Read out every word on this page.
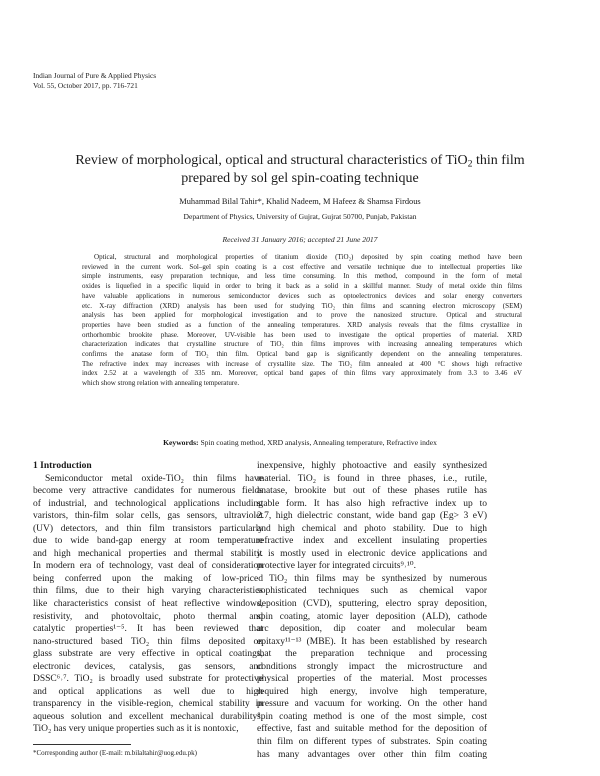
Indian Journal of Pure & Applied Physics
Vol. 55, October 2017, pp. 716-721
Review of morphological, optical and structural characteristics of TiO$_2$ thin film
prepared by sol gel spin-coating technique
Muhammad Bilal Tahir*, Khalid Nadeem, M Hafeez & Shamsa Firdous
Department of Physics, University of Gujrat, Gujrat 50700, Punjab, Pakistan
Received 31 January 2016; accepted 21 June 2017
Optical, structural and morphological properties of titanium dioxide (TiO₂) deposited by spin coating method have been
reviewed in the current work. Sol–gel spin coating is a cost effective and versatile technique due to intellectual properties like
simple instruments, easy preparation technique, and less time consuming. In this method, compound in the form of metal
oxides is liquefied in a specific liquid in order to bring it back as a solid in a skillful manner. Study of metal oxide thin films
have valuable applications in numerous semiconductor devices such as optoelectronics devices and solar energy converters
etc. X-ray diffraction (XRD) analysis has been used for studying TiO₂ thin films and scanning electron microscopy (SEM)
analysis has been applied for morphological investigation and to prove the nanosized structure. Optical and structural
properties have been studied as a function of the annealing temperatures. XRD analysis reveals that the films crystallize in
orthorhombic brookite phase. Moreover, UV-visible has been used to investigate the optical properties of material. XRD
characterization indicates that crystalline structure of TiO₂ thin films improves with increasing annealing temperatures which
confirms the anatase form of TiO₂ thin film. Optical band gap is significantly dependent on the annealing temperatures.
The refractive index may increases with increase of crystallite size. The TiO₂ film annealed at 400 °C shows high refractive
index 2.52 at a wavelength of 335 nm. Moreover, optical band gapes of thin films vary approximately from 3.3 to 3.46 eV
which show strong relation with annealing temperature.
Keywords: Spin coating method, XRD analysis, Annealing temperature, Refractive index
1 Introduction
Semiconductor metal oxide-TiO₂ thin films have
become very attractive candidates for numerous fields
of industrial, and technological applications including
varistors, thin-film solar cells, gas sensors, ultraviolet
(UV) detectors, and thin film transistors particularly
due to wide band-gap energy at room temperature
and high mechanical properties and thermal stability.
In modern era of technology, vast deal of consideration
being conferred upon the making of low-priced
thin films, due to their high varying characteristics
like characteristics consist of heat reflective windows,
resistivity, and photovoltaic, photo thermal and
catalytic properties¹⁻⁵. It has been reviewed that
nano-structured based TiO₂ thin films deposited on
glass substrate are very effective in optical coatings,
electronic devices, catalysis, gas sensors, and
DSSC⁶˒⁷. TiO₂ is broadly used substrate for protective
and optical applications as well due to high
transparency in the visible-region, chemical stability in
aqueous solution and excellent mechanical durability⁸.
TiO₂ has very unique properties such as it is nontoxic,
inexpensive, highly photoactive and easily synthesized
material. TiO₂ is found in three phases, i.e., rutile,
anatase, brookite but out of these phases rutile has
stable form. It has also high refractive index up to
2.7, high dielectric constant, wide band gap (Eg> 3 eV)
and high chemical and photo stability. Due to high
refractive index and excellent insulating properties
it is mostly used in electronic device applications and
protective layer for integrated circuits⁹˒¹⁰.
TiO₂ thin films may be synthesized by numerous
sophisticated techniques such as chemical vapor
deposition (CVD), sputtering, electro spray deposition,
spin coating, atomic layer deposition (ALD), cathode
arc deposition, dip coater and molecular beam
epitaxy¹¹⁻¹³ (MBE). It has been established by research
that the preparation technique and processing
conditions strongly impact the microstructure and
physical properties of the material. Most processes
required high energy, involve high temperature,
pressure and vacuum for working. On the other hand
spin coating method is one of the most simple, cost
effective, fast and suitable method for the deposition of
thin film on different types of substrates. Spin coating
has many advantages over other thin film coating
*Corresponding author (E-mail: m.bilaltahir@uog.edu.pk)
